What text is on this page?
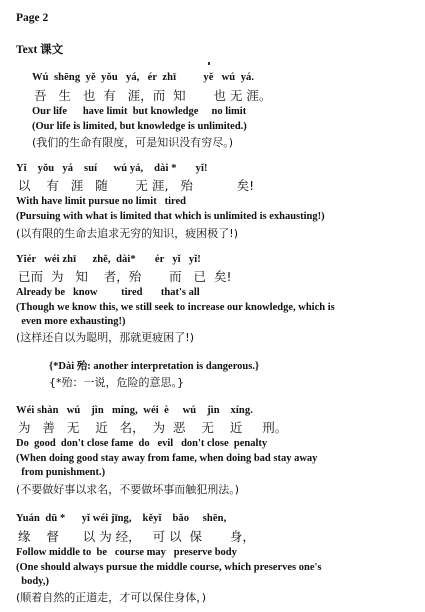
Page 2
Text 课文
Wú  shēng  yě  yǒu   yá,   ér  zhī          yě   wú  yá.
吾   生   也  有   涯，而  知       也 无 涯。
Our life      have limit  but knowledge     no limit
(Our life is limited, but knowledge is unlimited.)
(我们的生命有限度，可是知识没有穷尽。)
Yǐ    yǒu   yá    suí      wú yá,    dài *       yǐ!
以    有   涯   随       无 涯,   殆           矣!
With have limit pursue no limit   tired
(Pursuing with what is limited that which is unlimited is exhausting!)
(以有限的生命去追求无穷的知识，疲困极了!)
Yǐér   wéi zhī      zhě,  dài*       ér   yǐ   yǐ!
已而  为   知    者，殆       而   已  矣!
Already be   know         tired       that's all
(Though we know this, we still seek to increase our knowledge, which is
even more exhausting!)
(这样还自以为聪明，那就更疲困了!)
{*Dài 殆: another interpretation is dangerous.}
{*殆：一说，危险的意思。}
Wéi shàn   wú    jìn   míng,  wéi  è     wú    jìn    xíng.
为   善   无    近   名，  为  恶    无    近     刑。
Do  good  don't close fame  do   evil   don't close  penalty
(When doing good stay away from fame, when doing bad stay away
from punishment.)
(不要做好事以求名，不要做坏事而触犯刑法。)
Yuán  dū *      yǐ wéi jīng,    kěyǐ    bǎo     shēn,
缘    督      以 为 经，   可 以  保       身，
Follow middle to  be   course may   preserve body
(One should always pursue the middle course, which preserves one's
body,)
(顺着自然的正道走，才可以保住身体，)
